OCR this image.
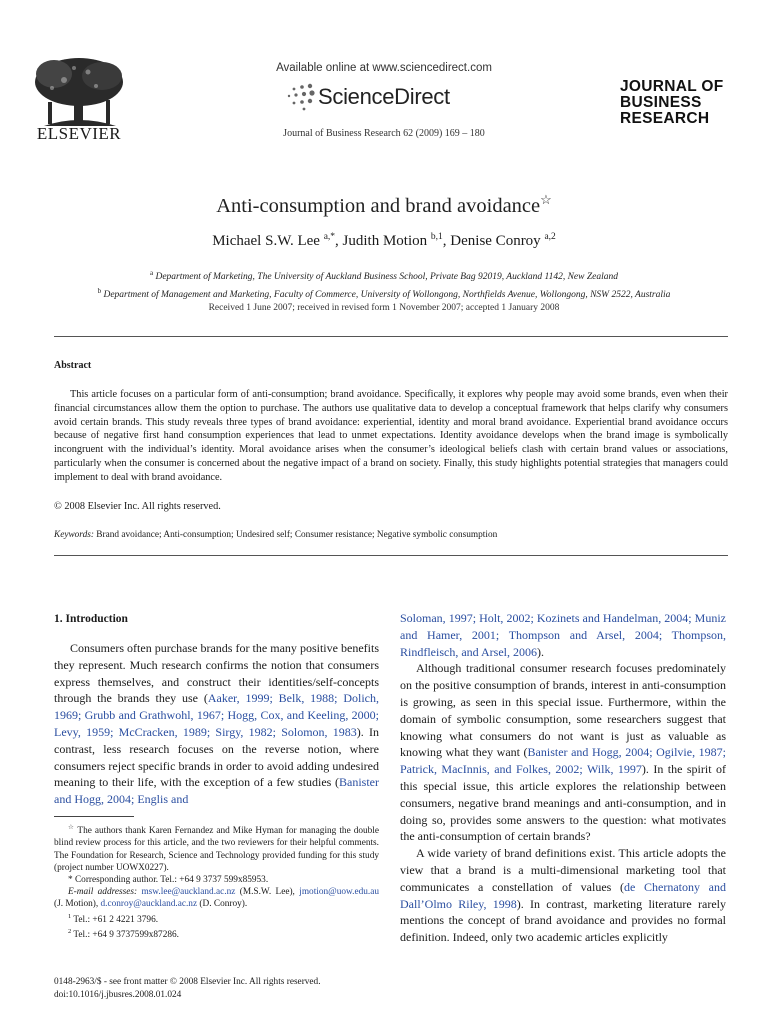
ELSEVIER
Available online at www.sciencedirect.com
ScienceDirect
Journal of Business Research 62 (2009) 169 – 180
JOURNAL OF
BUSINESS
RESEARCH
Anti-consumption and brand avoidance☆
Michael S.W. Lee $^{a,*}$, Judith Motion $^{b,1}$, Denise Conroy $^{a,2}$
$^a$ Department of Marketing, The University of Auckland Business School, Private Bag 92019, Auckland 1142, New Zealand
$^b$ Department of Management and Marketing, Faculty of Commerce, University of Wollongong, Northfields Avenue, Wollongong, NSW 2522, Australia
Received 1 June 2007; received in revised form 1 November 2007; accepted 1 January 2008
Abstract

This article focuses on a particular form of anti-consumption; brand avoidance. Specifically, it explores why people may avoid some brands, even when their financial circumstances allow them the option to purchase. The authors use qualitative data to develop a conceptual framework that helps clarify why consumers avoid certain brands. This study reveals three types of brand avoidance: experiential, identity and moral brand avoidance. Experiential brand avoidance occurs because of negative first hand consumption experiences that lead to unmet expectations. Identity avoidance develops when the brand image is symbolically incongruent with the individual’s identity. Moral avoidance arises when the consumer’s ideological beliefs clash with certain brand values or associations, particularly when the consumer is concerned about the negative impact of a brand on society. Finally, this study highlights potential strategies that managers could implement to deal with brand avoidance.

© 2008 Elsevier Inc. All rights reserved.
Keywords: Brand avoidance; Anti-consumption; Undesired self; Consumer resistance; Negative symbolic consumption
1. Introduction

Consumers often purchase brands for the many positive benefits they represent. Much research confirms the notion that consumers express themselves, and construct their identities/self-concepts through the brands they use (Aaker, 1999; Belk, 1988; Dolich, 1969; Grubb and Grathwohl, 1967; Hogg, Cox, and Keeling, 2000; Levy, 1959; McCracken, 1989; Sirgy, 1982; Solomon, 1983). In contrast, less research focuses on the reverse notion, where consumers reject specific brands in order to avoid adding undesired meaning to their life, with the exception of a few studies (Banister and Hogg, 2004; Englis and

Soloman, 1997; Holt, 2002; Kozinets and Handelman, 2004; Muniz and Hamer, 2001; Thompson and Arsel, 2004; Thompson, Rindfleisch, and Arsel, 2006).

Although traditional consumer research focuses predominately on the positive consumption of brands, interest in anti-consumption is growing, as seen in this special issue. Furthermore, within the domain of symbolic consumption, some researchers suggest that knowing what consumers do not want is just as valuable as knowing what they want (Banister and Hogg, 2004; Ogilvie, 1987; Patrick, MacInnis, and Folkes, 2002; Wilk, 1997). In the spirit of this special issue, this article explores the relationship between consumers, negative brand meanings and anti-consumption, and in doing so, provides some answers to the question: what motivates the anti-consumption of certain brands?

A wide variety of brand definitions exist. This article adopts the view that a brand is a multi-dimensional marketing tool that communicates a constellation of values (de Chernatony and Dall’Olmo Riley, 1998). In contrast, marketing literature rarely mentions the concept of brand avoidance and provides no formal definition. Indeed, only two academic articles explicitly

☆ The authors thank Karen Fernandez and Mike Hyman for managing the double blind review process for this article, and the two reviewers for their helpful comments. The Foundation for Research, Science and Technology provided funding for this study (project number UOWX0227).

* Corresponding author. Tel.: +64 9 3737 599x85953.

E-mail addresses: msw.lee@auckland.ac.nz (M.S.W. Lee), jmotion@uow.edu.au (J. Motion), d.conroy@auckland.ac.nz (D. Conroy).

$^1$ Tel.: +61 2 4221 3796.

$^2$ Tel.: +64 9 3737599x87286.

0148-2963/$ - see front matter © 2008 Elsevier Inc. All rights reserved.
doi:10.1016/j.jbusres.2008.01.024
